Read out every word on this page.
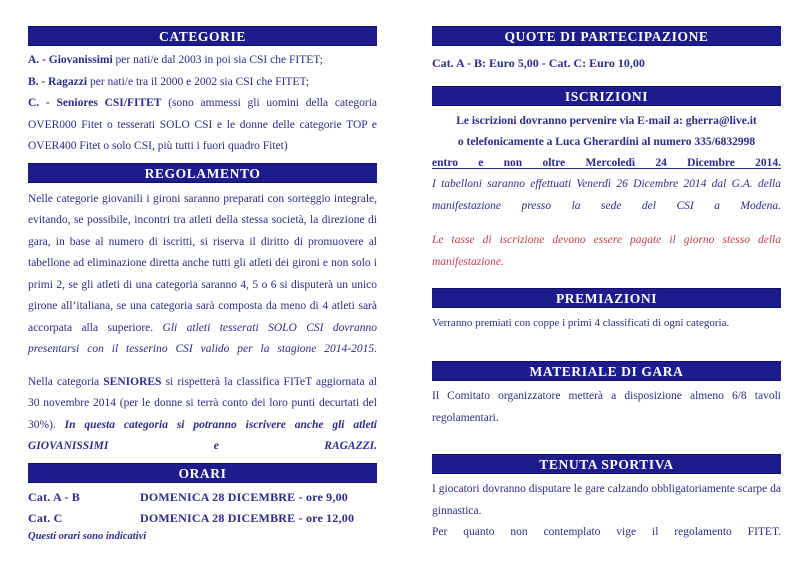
CATEGORIE

A. - Giovanissimi per nati/e dal 2003 in poi sia CSI che FITET;

B. - Ragazzi per nati/e tra il 2000 e 2002 sia CSI che FITET;

C. - Seniores CSI/FITET (sono ammessi gli uomini della categoria OVER000 Fitet o tesserati SOLO CSI e le donne delle categorie TOP e OVER400 Fitet o solo CSI, più tutti i fuori quadro Fitet)

REGOLAMENTO

Nelle categorie giovanili i gironi saranno preparati con sorteggio integrale, evitando, se possibile, incontri tra atleti della stessa società, la direzione di gara, in base al numero di iscritti, si riserva il diritto di promuovere al tabellone ad eliminazione diretta anche tutti gli atleti dei gironi e non solo i primi 2, se gli atleti di una categoria saranno 4, 5 o 6 si disputerà un unico girone all’italiana, se una categoria sarà composta da meno di 4 atleti sarà accorpata alla superiore. Gli atleti tesserati SOLO CSI dovranno presentarsi con il tesserino CSI valido per la stagione 2014-2015.

Nella categoria SENIORES si rispetterà la classifica FITeT aggiornata al 30 novembre 2014 (per le donne si terrà conto dei loro punti decurtati del 30%). In questa categoria si potranno iscrivere anche gli atleti GIOVANISSIMI e RAGAZZI.

ORARI
Cat. A - B	DOMENICA 28 DICEMBRE - ore 9,00
Cat. C	DOMENICA 28 DICEMBRE - ore 12,00

Questi orari sono indicativi

QUOTE DI PARTECIPAZIONE

Cat. A - B: Euro 5,00 - Cat. C: Euro 10,00

ISCRIZIONI

Le iscrizioni dovranno pervenire via E-mail a: gherra@live.it

o telefonicamente a Luca Gherardini al numero 335/6832998

entro e non oltre Mercoledì 24 Dicembre 2014.

I tabelloni saranno effettuati Venerdì 26 Dicembre 2014 dal G.A. della manifestazione presso la sede del CSI a Modena.

Le tasse di iscrizione devono essere pagate il giorno stesso della manifestazione.

PREMIAZIONI

Verranno premiati con coppe i primi 4 classificati di ogni categoria.

MATERIALE DI GARA

Il Comitato organizzatore metterà a disposizione almeno 6/8 tavoli regolamentari.

TENUTA SPORTIVA

I giocatori dovranno disputare le gare calzando obbligatoriamente scarpe da ginnastica.

Per quanto non contemplato vige il regolamento FITET.
